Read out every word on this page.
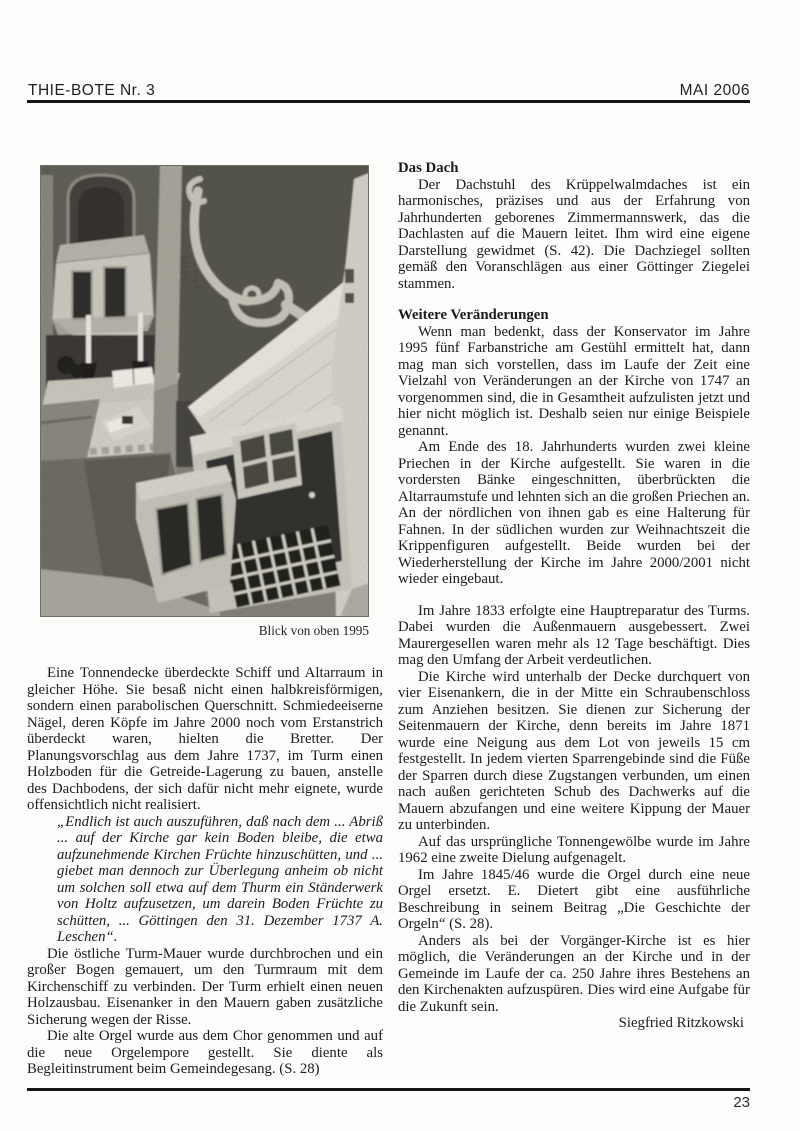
THIE-BOTE Nr. 3	MAI 2006
Blick von oben 1995

Eine Tonnendecke überdeckte Schiff und Altarraum in gleicher Höhe. Sie besaß nicht einen halbkreisförmigen, sondern einen parabolischen Querschnitt. Schmiedeeiserne Nägel, deren Köpfe im Jahre 2000 noch vom Erstanstrich überdeckt waren, hielten die Bretter. Der Planungsvorschlag aus dem Jahre 1737, im Turm einen Holzboden für die Getreide-Lagerung zu bauen, anstelle des Dachbodens, der sich dafür nicht mehr eignete, wurde offensichtlich nicht realisiert.

„Endlich ist auch auszuführen, daß nach dem ... Abriß ... auf der Kirche gar kein Boden bleibe, die etwa aufzunehmende Kirchen Früchte hinzuschütten, und ... giebet man dennoch zur Überlegung anheim ob nicht um solchen soll etwa auf dem Thurm ein Ständerwerk von Holtz aufzusetzen, um darein Boden Früchte zu schütten, ... Göttingen den 31. Dezember 1737 A. Leschen“.

Die östliche Turm-Mauer wurde durchbrochen und ein großer Bogen gemauert, um den Turmraum mit dem Kirchenschiff zu verbinden. Der Turm erhielt einen neuen Holzausbau. Eisenanker in den Mauern gaben zusätzliche Sicherung wegen der Risse.

Die alte Orgel wurde aus dem Chor genommen und auf die neue Orgelempore gestellt. Sie diente als Begleitinstrument beim Gemeindegesang. (S. 28)

Das Dach

Der Dachstuhl des Krüppelwalmdaches ist ein harmonisches, präzises und aus der Erfahrung von Jahrhunderten geborenes Zimmermannswerk, das die Dachlasten auf die Mauern leitet. Ihm wird eine eigene Darstellung gewidmet (S. 42). Die Dachziegel sollten gemäß den Voranschlägen aus einer Göttinger Ziegelei stammen.

Weitere Veränderungen

Wenn man bedenkt, dass der Konservator im Jahre 1995 fünf Farbanstriche am Gestühl ermittelt hat, dann mag man sich vorstellen, dass im Laufe der Zeit eine Vielzahl von Veränderungen an der Kirche von 1747 an vorgenommen sind, die in Gesamtheit aufzulisten jetzt und hier nicht möglich ist. Deshalb seien nur einige Beispiele genannt.

Am Ende des 18. Jahrhunderts wurden zwei kleine Priechen in der Kirche aufgestellt. Sie waren in die vordersten Bänke eingeschnitten, überbrückten die Altarraumstufe und lehnten sich an die großen Priechen an. An der nördlichen von ihnen gab es eine Halterung für Fahnen. In der südlichen wurden zur Weihnachtszeit die Krippenfiguren aufgestellt. Beide wurden bei der Wiederherstellung der Kirche im Jahre 2000/2001 nicht wieder eingebaut.

Im Jahre 1833 erfolgte eine Hauptreparatur des Turms. Dabei wurden die Außenmauern ausgebessert. Zwei Maurergesellen waren mehr als 12 Tage beschäftigt. Dies mag den Umfang der Arbeit verdeutlichen.

Die Kirche wird unterhalb der Decke durchquert von vier Eisenankern, die in der Mitte ein Schraubenschloss zum Anziehen besitzen. Sie dienen zur Sicherung der Seitenmauern der Kirche, denn bereits im Jahre 1871 wurde eine Neigung aus dem Lot von jeweils 15 cm festgestellt. In jedem vierten Sparrengebinde sind die Füße der Sparren durch diese Zugstangen verbunden, um einen nach außen gerichteten Schub des Dachwerks auf die Mauern abzufangen und eine weitere Kippung der Mauer zu unterbinden.

Auf das ursprüngliche Tonnengewölbe wurde im Jahre 1962 eine zweite Dielung aufgenagelt.

Im Jahre 1845/46 wurde die Orgel durch eine neue Orgel ersetzt. E. Dietert gibt eine ausführliche Beschreibung in seinem Beitrag „Die Geschichte der Orgeln“ (S. 28).

Anders als bei der Vorgänger-Kirche ist es hier möglich, die Veränderungen an der Kirche und in der Gemeinde im Laufe der ca. 250 Jahre ihres Bestehens an den Kirchenakten aufzuspüren. Dies wird eine Aufgabe für die Zukunft sein.

Siegfried Ritzkowski
23
